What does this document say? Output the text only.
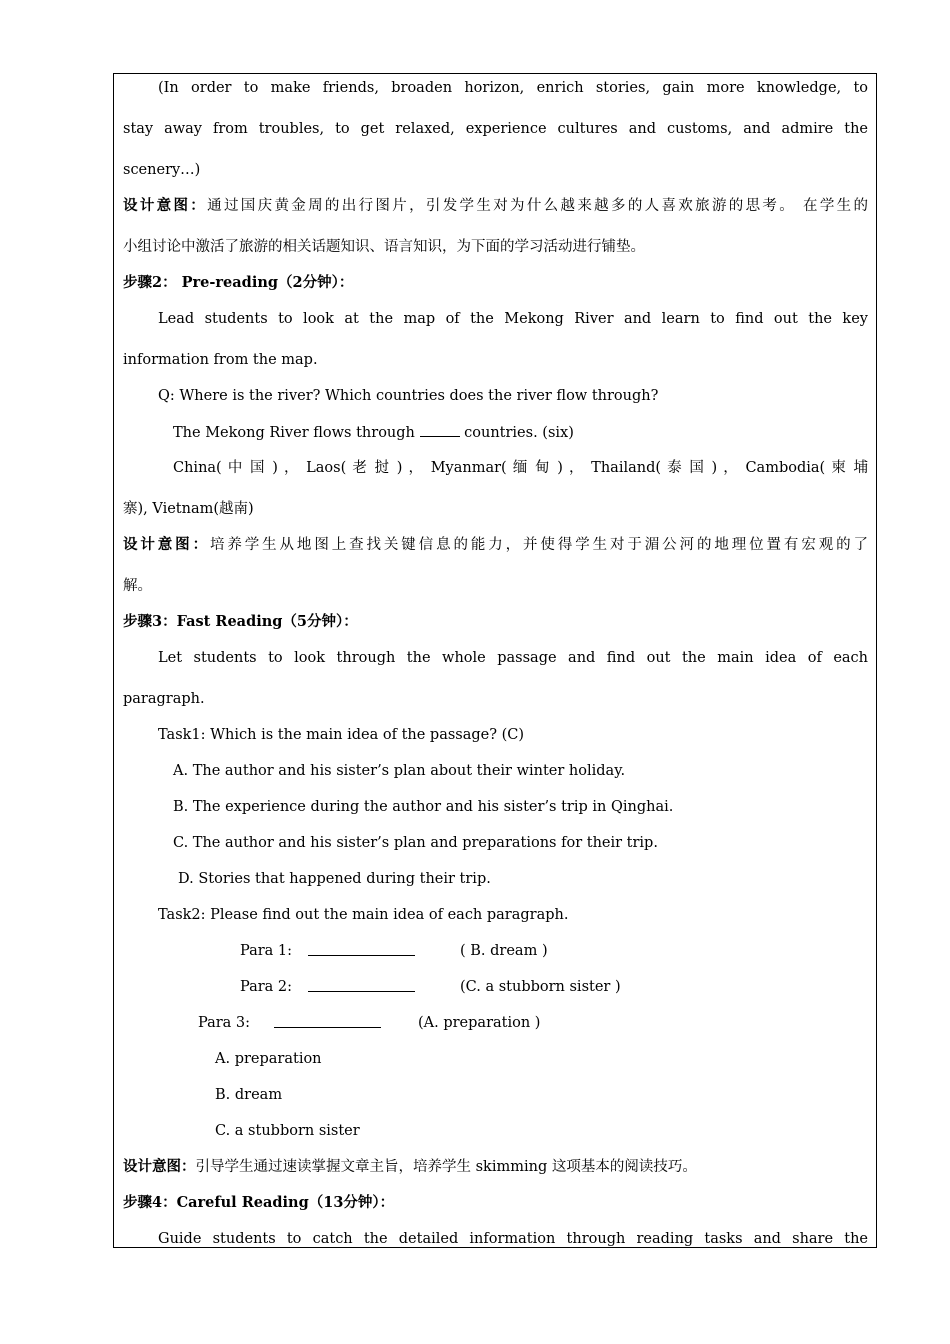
(In order to make friends, broaden horizon, enrich stories, gain more knowledge, to
stay away from troubles, to get relaxed, experience cultures and customs, and admire the
scenery…)
设计意图：通过国庆黄金周的出行图片，引发学生对为什么越来越多的人喜欢旅游的思考。 在学生的
小组讨论中激活了旅游的相关话题知识、语言知识，为下面的学习活动进行铺垫。
步骤2： Pre-reading（2分钟）：
Lead students to look at the map of the Mekong River and learn to find out the key
information from the map.
Q: Where is the river? Which countries does the river flow through?
The Mekong River flows through	countries. (six)
China( 中 国 ) ， Laos( 老 挝 ) ， Myanmar( 缅 甸 ) ， Thailand( 泰 国 ) ， Cambodia( 柬 埔
寨), Vietnam(越南)
设计意图：培养学生从地图上查找关键信息的能力，并使得学生对于湄公河的地理位置有宏观的了
解。
步骤3：Fast Reading（5分钟）：
Let students to look through the whole passage and find out the main idea of each
paragraph.
Task1: Which is the main idea of the passage? (C)
A. The author and his sister’s plan about their winter holiday.
B. The experience during the author and his sister’s trip in Qinghai.
C. The author and his sister’s plan and preparations for their trip.
D. Stories that happened during their trip.
Task2: Please find out the main idea of each paragraph.
Para 1:	( B. dream )
Para 2:	(C. a stubborn sister )
Para 3:	(A. preparation )
A. preparation
B. dream
C. a stubborn sister
设计意图：引导学生通过速读掌握文章主旨，培养学生 skimming 这项基本的阅读技巧。
步骤4：Careful Reading（13分钟）：
Guide students to catch the detailed information through reading tasks and share the
